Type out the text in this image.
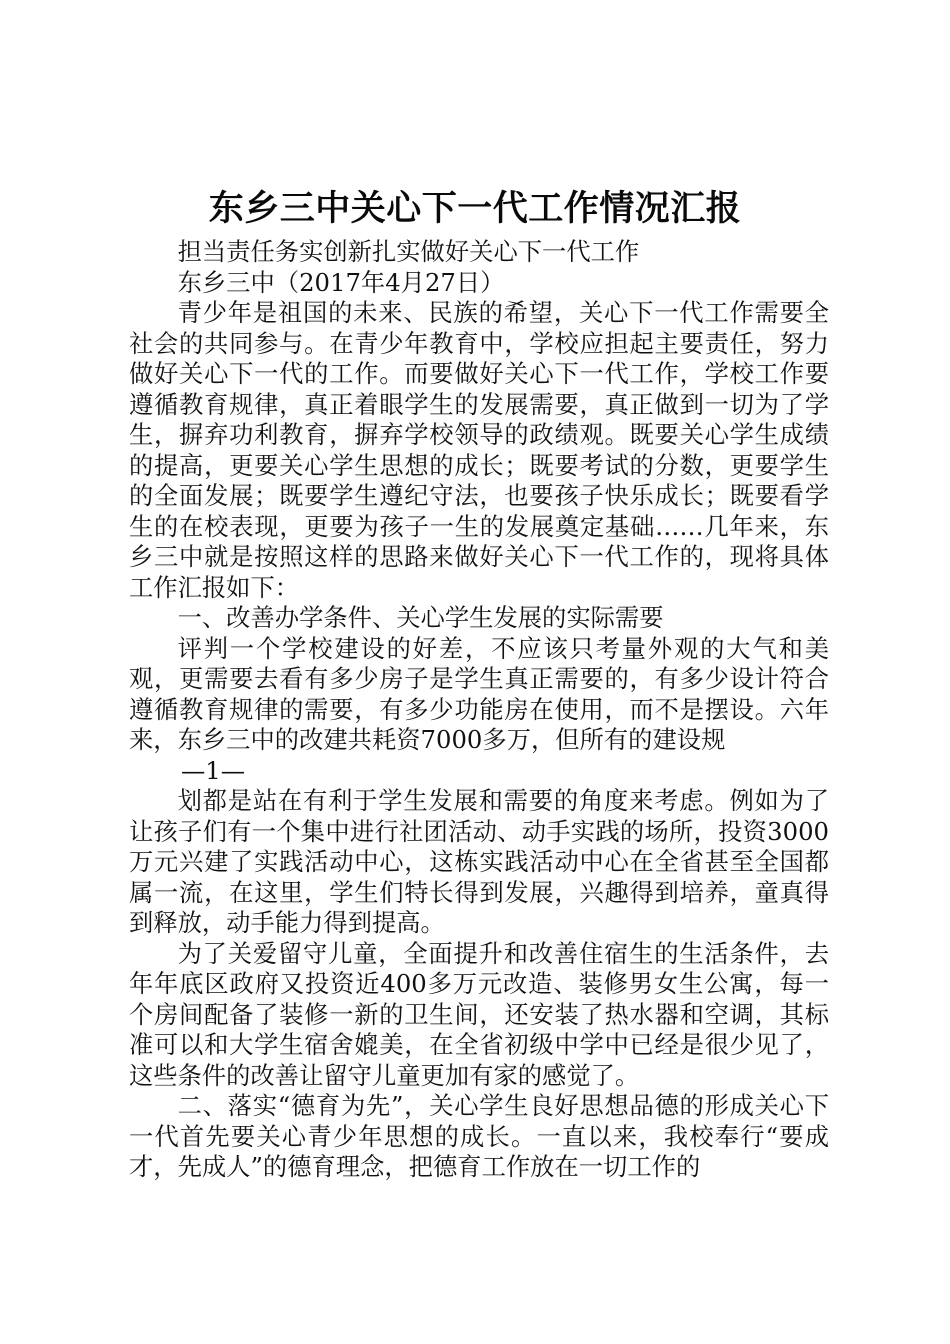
东乡三中关心下一代工作情况汇报

担当责任务实创新扎实做好关心下一代工作

东乡三中（2017年4月27日）

青少年是祖国的未来、民族的希望，关心下一代工作需要全社会的共同参与。在青少年教育中，学校应担起主要责任，努力做好关心下一代的工作。而要做好关心下一代工作，学校工作要遵循教育规律，真正着眼学生的发展需要，真正做到一切为了学生，摒弃功利教育，摒弃学校领导的政绩观。既要关心学生成绩的提高，更要关心学生思想的成长；既要考试的分数，更要学生的全面发展；既要学生遵纪守法，也要孩子快乐成长；既要看学生的在校表现，更要为孩子一生的发展奠定基础……几年来，东乡三中就是按照这样的思路来做好关心下一代工作的，现将具体工作汇报如下：

一、改善办学条件、关心学生发展的实际需要

评判一个学校建设的好差，不应该只考量外观的大气和美观，更需要去看有多少房子是学生真正需要的，有多少设计符合遵循教育规律的需要，有多少功能房在使用，而不是摆设。六年来，东乡三中的改建共耗资7000多万，但所有的建设规

—1—

划都是站在有利于学生发展和需要的角度来考虑。例如为了让孩子们有一个集中进行社团活动、动手实践的场所，投资3000万元兴建了实践活动中心，这栋实践活动中心在全省甚至全国都属一流，在这里，学生们特长得到发展，兴趣得到培养，童真得到释放，动手能力得到提高。

为了关爱留守儿童，全面提升和改善住宿生的生活条件，去年年底区政府又投资近400多万元改造、装修男女生公寓，每一个房间配备了装修一新的卫生间，还安装了热水器和空调，其标准可以和大学生宿舍媲美，在全省初级中学中已经是很少见了，这些条件的改善让留守儿童更加有家的感觉了。

二、落实“德育为先”，关心学生良好思想品德的形成关心下一代首先要关心青少年思想的成长。一直以来，我校奉行“要成才，先成人”的德育理念，把德育工作放在一切工作的
